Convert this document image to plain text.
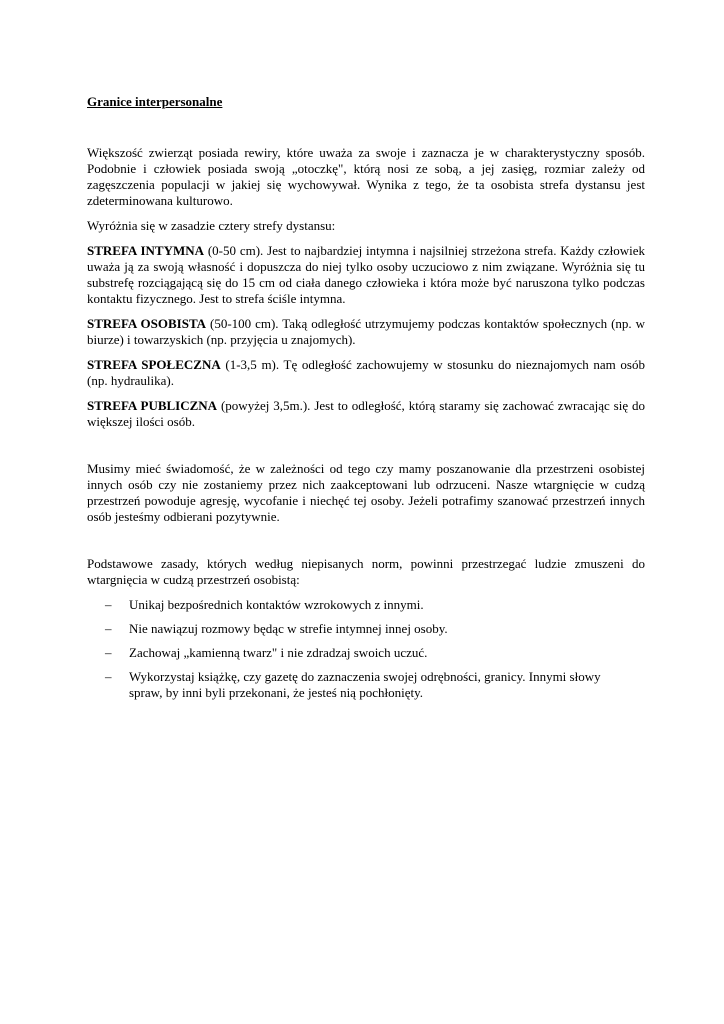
Granice interpersonalne

Większość zwierząt posiada rewiry, które uważa za swoje i zaznacza je w charakterystyczny sposób. Podobnie i człowiek posiada swoją „otoczkę", którą nosi ze sobą, a jej zasięg, rozmiar zależy od zagęszczenia populacji w jakiej się wychowywał. Wynika z tego, że ta osobista strefa dystansu jest zdeterminowana kulturowo.

Wyróżnia się w zasadzie cztery strefy dystansu:

STREFA INTYMNA (0-50 cm). Jest to najbardziej intymna i najsilniej strzeżona strefa. Każdy człowiek uważa ją za swoją własność i dopuszcza do niej tylko osoby uczuciowo z nim związane. Wyróżnia się tu substrefę rozciągającą się do 15 cm od ciała danego człowieka i która może być naruszona tylko podczas kontaktu fizycznego. Jest to strefa ściśle intymna.

STREFA OSOBISTA (50-100 cm). Taką odległość utrzymujemy podczas kontaktów społecznych (np. w biurze) i towarzyskich (np. przyjęcia u znajomych).

STREFA SPOŁECZNA (1-3,5 m). Tę odległość zachowujemy w stosunku do nieznajomych nam osób (np. hydraulika).

STREFA PUBLICZNA (powyżej 3,5m.). Jest to odległość, którą staramy się zachować zwracając się do większej ilości osób.

Musimy mieć świadomość, że w zależności od tego czy mamy poszanowanie dla przestrzeni osobistej innych osób czy nie zostaniemy przez nich zaakceptowani lub odrzuceni. Nasze wtargnięcie w cudzą przestrzeń powoduje agresję, wycofanie i niechęć tej osoby. Jeżeli potrafimy szanować przestrzeń innych osób jesteśmy odbierani pozytywnie.

Podstawowe zasady, których według niepisanych norm, powinni przestrzegać ludzie zmuszeni do wtargnięcia w cudzą przestrzeń osobistą:

– Unikaj bezpośrednich kontaktów wzrokowych z innymi.
– Nie nawiązuj rozmowy będąc w strefie intymnej innej osoby.
– Zachowaj „kamienną twarz" i nie zdradzaj swoich uczuć.
– Wykorzystaj książkę, czy gazetę do zaznaczenia swojej odrębności, granicy. Innymi słowy spraw, by inni byli przekonani, że jesteś nią pochłonięty.
